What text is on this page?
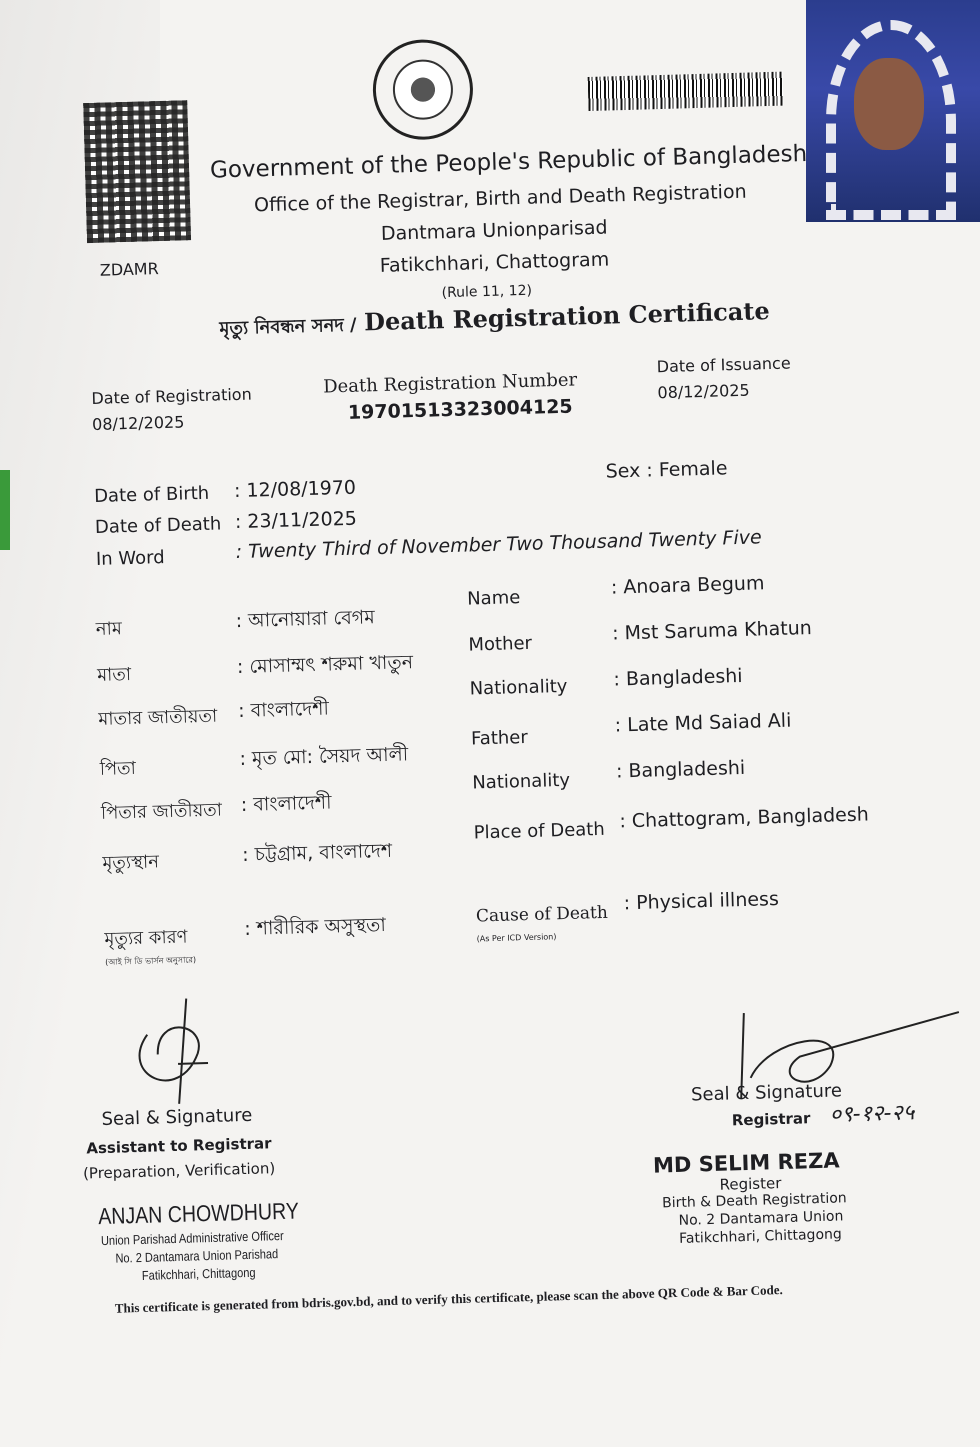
ZDAMR
Government of the People's Republic of Bangladesh
Office of the Registrar, Birth and Death Registration
Dantmara Unionparisad
Fatikchhari, Chattogram
(Rule 11, 12)
মৃত্যু নিবন্ধন সনদ / Death Registration Certificate
Date of Registration
08/12/2025
Death Registration Number
19701513323004125
Date of Issuance
08/12/2025
Date of Birth : 12/08/1970
Date of Death : 23/11/2025
In Word	: Twenty Third of November Two Thousand Twenty Five
Sex : Female
নাম	: আনোয়ারা বেগম
মাতা	: মোসাম্মৎ শরুমা খাতুন
মাতার জাতীয়তা : বাংলাদেশী
পিতা	: মৃত মো: সৈয়দ আলী
পিতার জাতীয়তা : বাংলাদেশী
মৃত্যুস্থান	: চট্টগ্রাম, বাংলাদেশ
মৃত্যুর কারণ	: শারীরিক অসুস্থতা
(আই সি ডি ভার্সন অনুসারে)
Name	: Anoara Begum
Mother	: Mst Saruma Khatun
Nationality : Bangladeshi
Father
: Late Md Saiad Ali
Nationality : Bangladeshi
Place of Death : Chattogram, Bangladesh
Cause of Death
(As Per ICD Version)
: Physical illness
Seal & Signature
Assistant to Registrar
(Preparation, Verification)
ANJAN CHOWDHURY
Union Parishad Administrative Officer
No. 2 Dantamara Union Parishad
Fatikchhari, Chittagong
Seal & Signature
Registrar ०९-१२-२५
MD SELIM REZA
Register
Birth & Death Registration
No. 2 Dantamara Union
Fatikchhari, Chittagong
This certificate is generated from bdris.gov.bd, and to verify this certificate, please scan the above QR Code & Bar Code.
